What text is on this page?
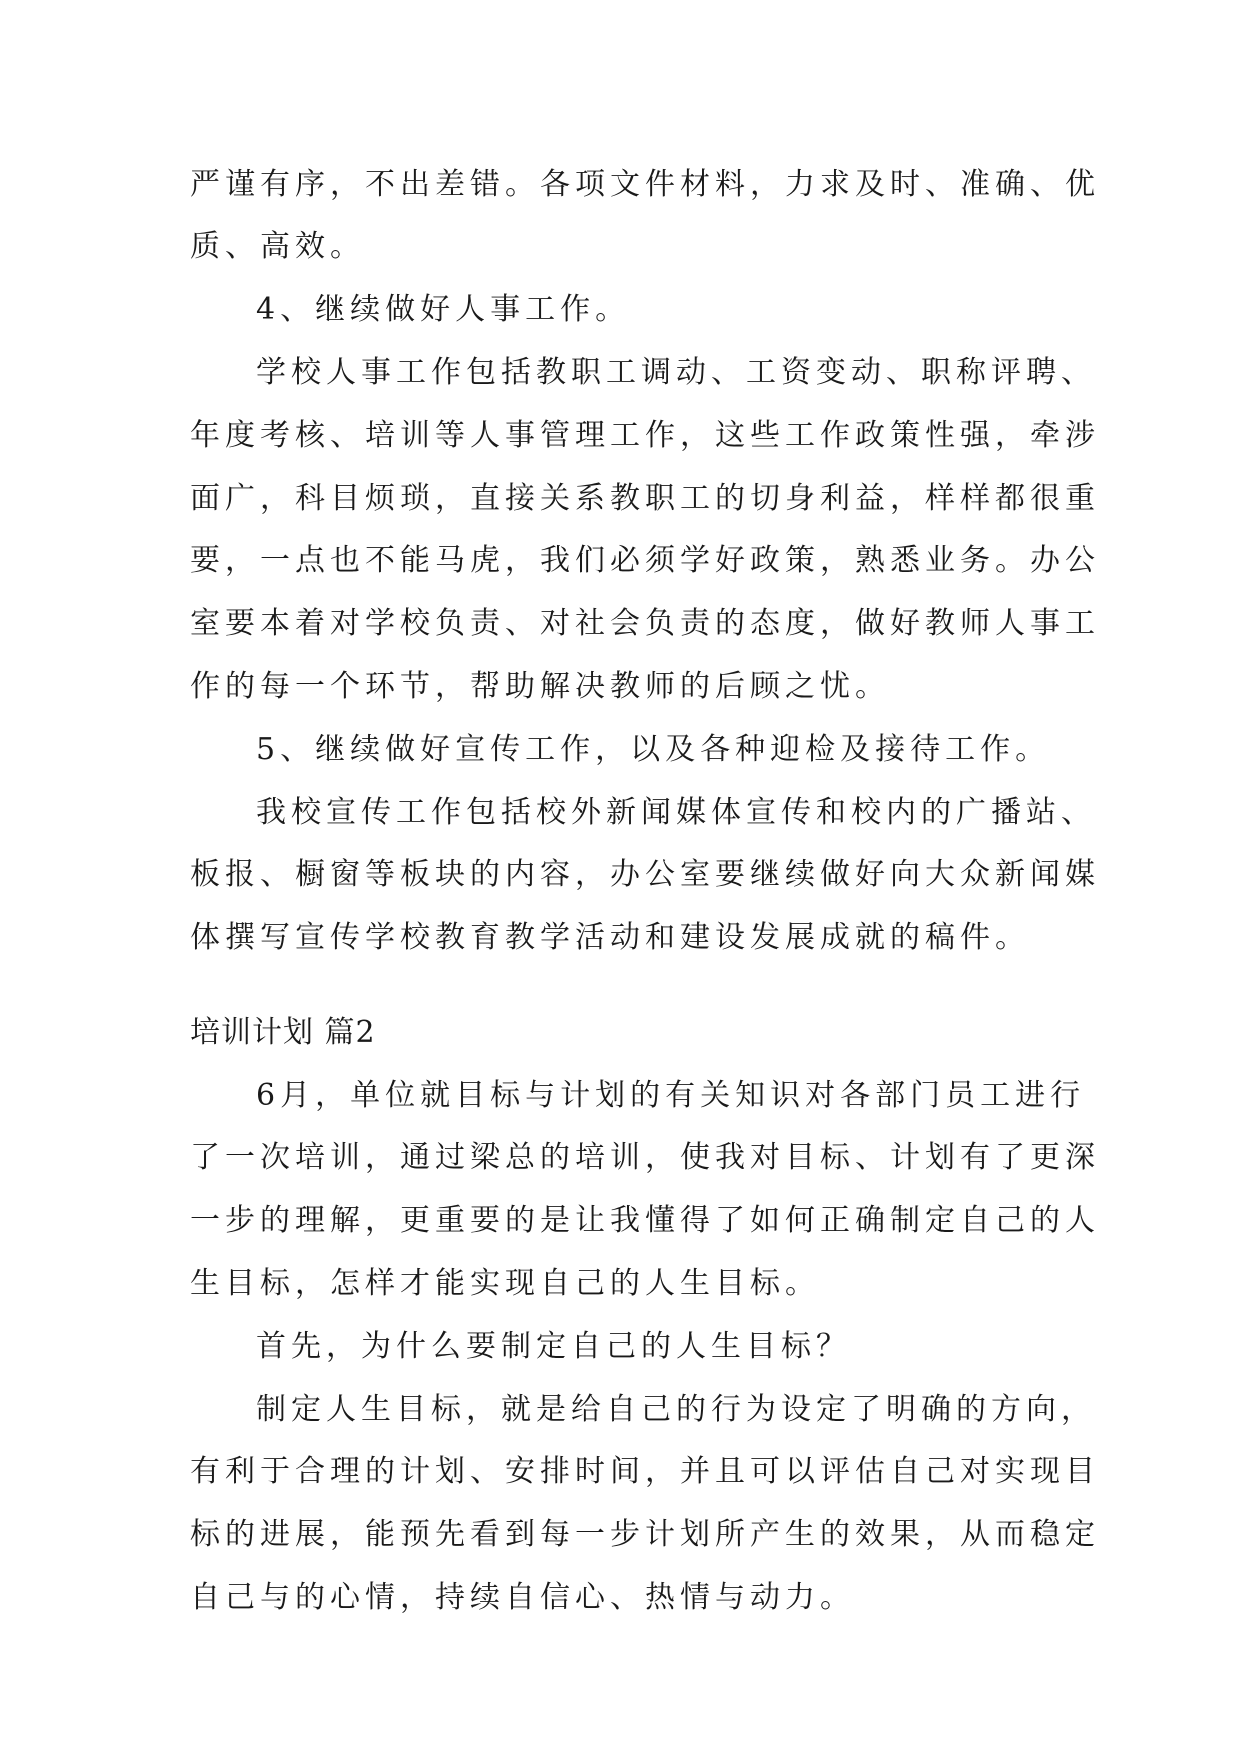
严谨有序，不出差错。各项文件材料，力求及时、准确、优
质、高效。
4、继续做好人事工作。
学校人事工作包括教职工调动、工资变动、职称评聘、
年度考核、培训等人事管理工作，这些工作政策性强，牵涉
面广，科目烦琐，直接关系教职工的切身利益，样样都很重
要，一点也不能马虎，我们必须学好政策，熟悉业务。办公
室要本着对学校负责、对社会负责的态度，做好教师人事工
作的每一个环节，帮助解决教师的后顾之忧。
5、继续做好宣传工作，以及各种迎检及接待工作。
我校宣传工作包括校外新闻媒体宣传和校内的广播站、
板报、橱窗等板块的内容，办公室要继续做好向大众新闻媒
体撰写宣传学校教育教学活动和建设发展成就的稿件。
培训计划 篇2
6月，单位就目标与计划的有关知识对各部门员工进行
了一次培训，通过梁总的培训，使我对目标、计划有了更深
一步的理解，更重要的是让我懂得了如何正确制定自己的人
生目标，怎样才能实现自己的人生目标。
首先，为什么要制定自己的人生目标？
制定人生目标，就是给自己的行为设定了明确的方向，
有利于合理的计划、安排时间，并且可以评估自己对实现目
标的进展，能预先看到每一步计划所产生的效果，从而稳定
自己与的心情，持续自信心、热情与动力。
